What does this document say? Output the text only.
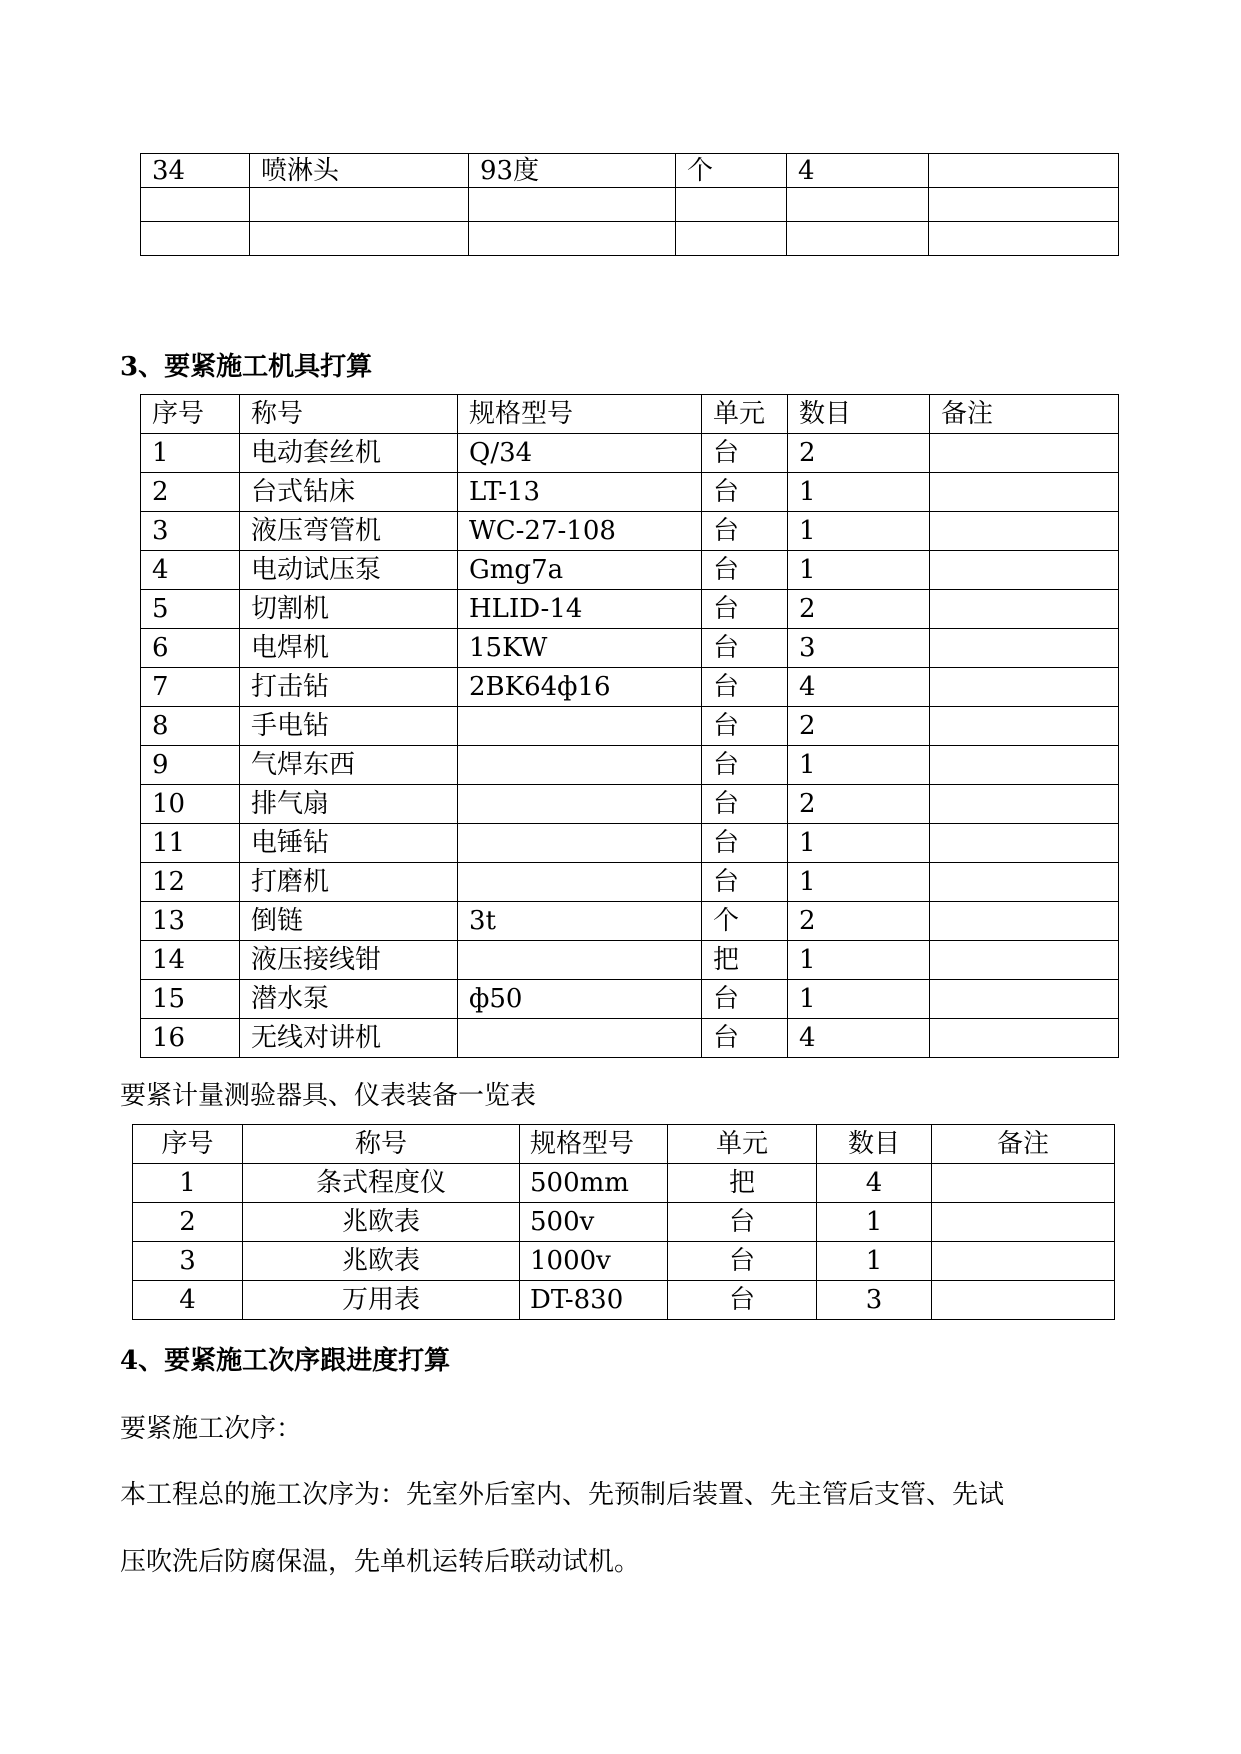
34	喷淋头	93度	个	4	

3、要紧施工机具打算
序号	称号	规格型号	单元	数目	备注
1	电动套丝机	Q/34	台	2	
2	台式钻床	LT-13	台	1	
3	液压弯管机	WC-27-108	台	1	
4	电动试压泵	Gmg7a	台	1	
5	切割机	HLID-14	台	2	
6	电焊机	15KW	台	3	
7	打击钻	2BK64ф16	台	4	
8	手电钻		台	2	
9	气焊东西		台	1	
10	排气扇		台	2	
11	电锤钻		台	1	
12	打磨机		台	1	
13	倒链	3t	个	2	
14	液压接线钳		把	1	
15	潜水泵	ф50	台	1	
16	无线对讲机		台	4	
要紧计量测验器具、仪表装备一览表
序号	称号	规格型号	单元	数目	备注
1	条式程度仪	500mm	把	4	
2	兆欧表	500v	台	1	
3	兆欧表	1000v	台	1	
4	万用表	DT-830	台	3	
4、要紧施工次序跟进度打算
要紧施工次序：
本工程总的施工次序为：先室外后室内、先预制后装置、先主管后支管、先试
压吹洗后防腐保温，先单机运转后联动试机。
